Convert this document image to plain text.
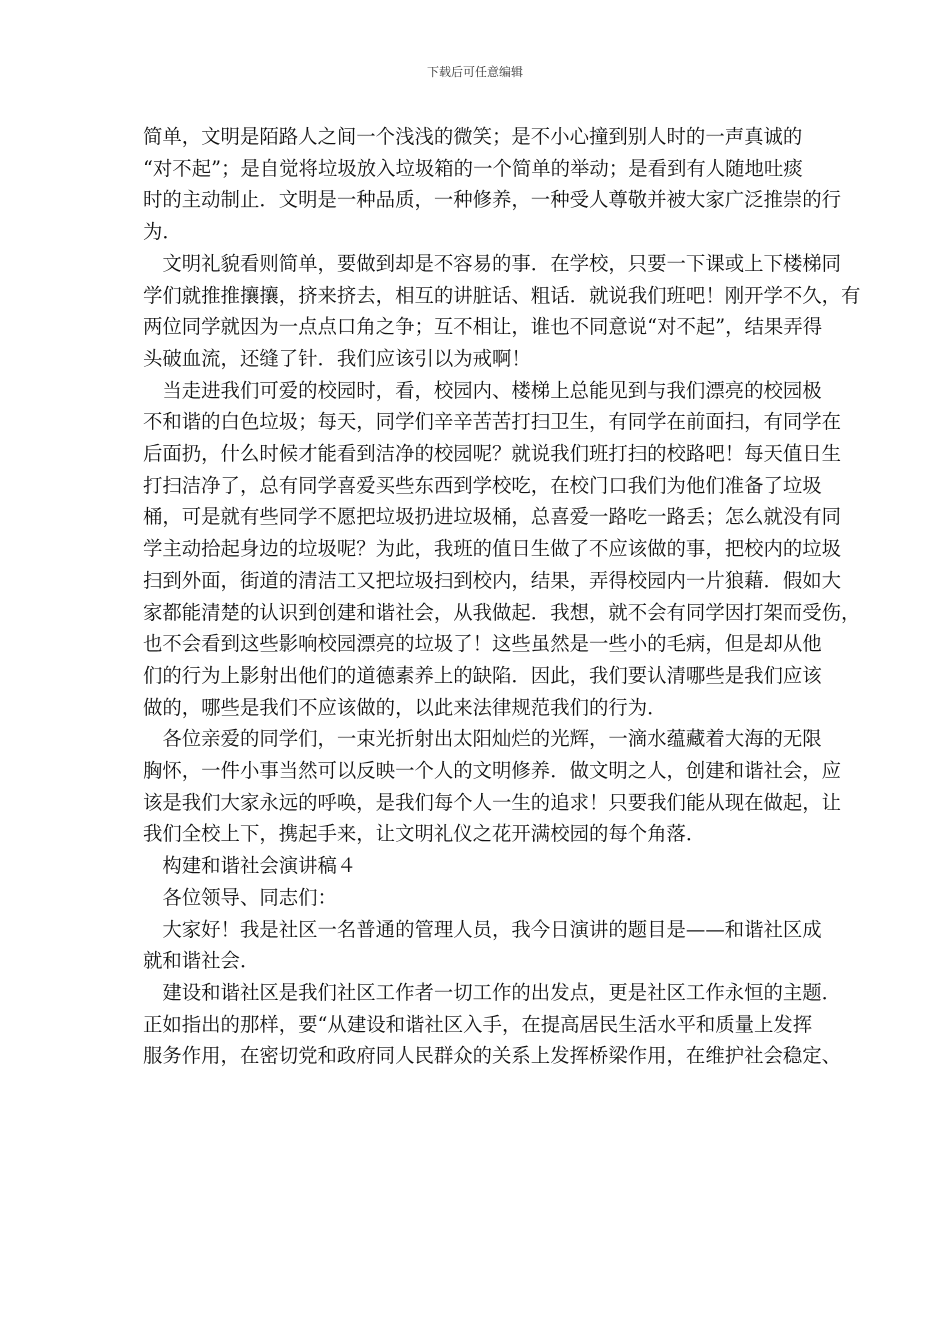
下载后可任意编辑
简单，文明是陌路人之间一个浅浅的微笑；是不小心撞到别人时的一声真诚的
“对不起”；是自觉将垃圾放入垃圾箱的一个简单的举动；是看到有人随地吐痰
时的主动制止．文明是一种品质，一种修养，一种受人尊敬并被大家广泛推崇的行
为．
　文明礼貌看则简单，要做到却是不容易的事．在学校，只要一下课或上下楼梯同
学们就推推攘攘，挤来挤去，相互的讲脏话、粗话．就说我们班吧！刚开学不久，有
两位同学就因为一点点口角之争；互不相让，谁也不同意说“对不起”，结果弄得
头破血流，还缝了针．我们应该引以为戒啊！
　当走进我们可爱的校园时，看，校园内、楼梯上总能见到与我们漂亮的校园极
不和谐的白色垃圾；每天，同学们辛辛苦苦打扫卫生，有同学在前面扫，有同学在
后面扔，什么时候才能看到洁净的校园呢？就说我们班打扫的校路吧！每天值日生
打扫洁净了，总有同学喜爱买些东西到学校吃，在校门口我们为他们准备了垃圾
桶，可是就有些同学不愿把垃圾扔进垃圾桶，总喜爱一路吃一路丢；怎么就没有同
学主动拾起身边的垃圾呢？为此，我班的值日生做了不应该做的事，把校内的垃圾
扫到外面，街道的清洁工又把垃圾扫到校内，结果，弄得校园内一片狼藉．假如大
家都能清楚的认识到创建和谐社会，从我做起．我想，就不会有同学因打架而受伤，
也不会看到这些影响校园漂亮的垃圾了！这些虽然是一些小的毛病，但是却从他
们的行为上影射出他们的道德素养上的缺陷．因此，我们要认清哪些是我们应该
做的，哪些是我们不应该做的，以此来法律规范我们的行为．
　各位亲爱的同学们，一束光折射出太阳灿烂的光辉，一滴水蕴藏着大海的无限
胸怀，一件小事当然可以反映一个人的文明修养．做文明之人，创建和谐社会，应
该是我们大家永远的呼唤，是我们每个人一生的追求！只要我们能从现在做起，让
我们全校上下，携起手来，让文明礼仪之花开满校园的每个角落．
　构建和谐社会演讲稿４
　各位领导、同志们：
　大家好！我是社区一名普通的管理人员，我今日演讲的题目是——和谐社区成
就和谐社会．
　建设和谐社区是我们社区工作者一切工作的出发点，更是社区工作永恒的主题．
正如指出的那样，要“从建设和谐社区入手，在提高居民生活水平和质量上发挥
服务作用，在密切党和政府同人民群众的关系上发挥桥梁作用，在维护社会稳定、
